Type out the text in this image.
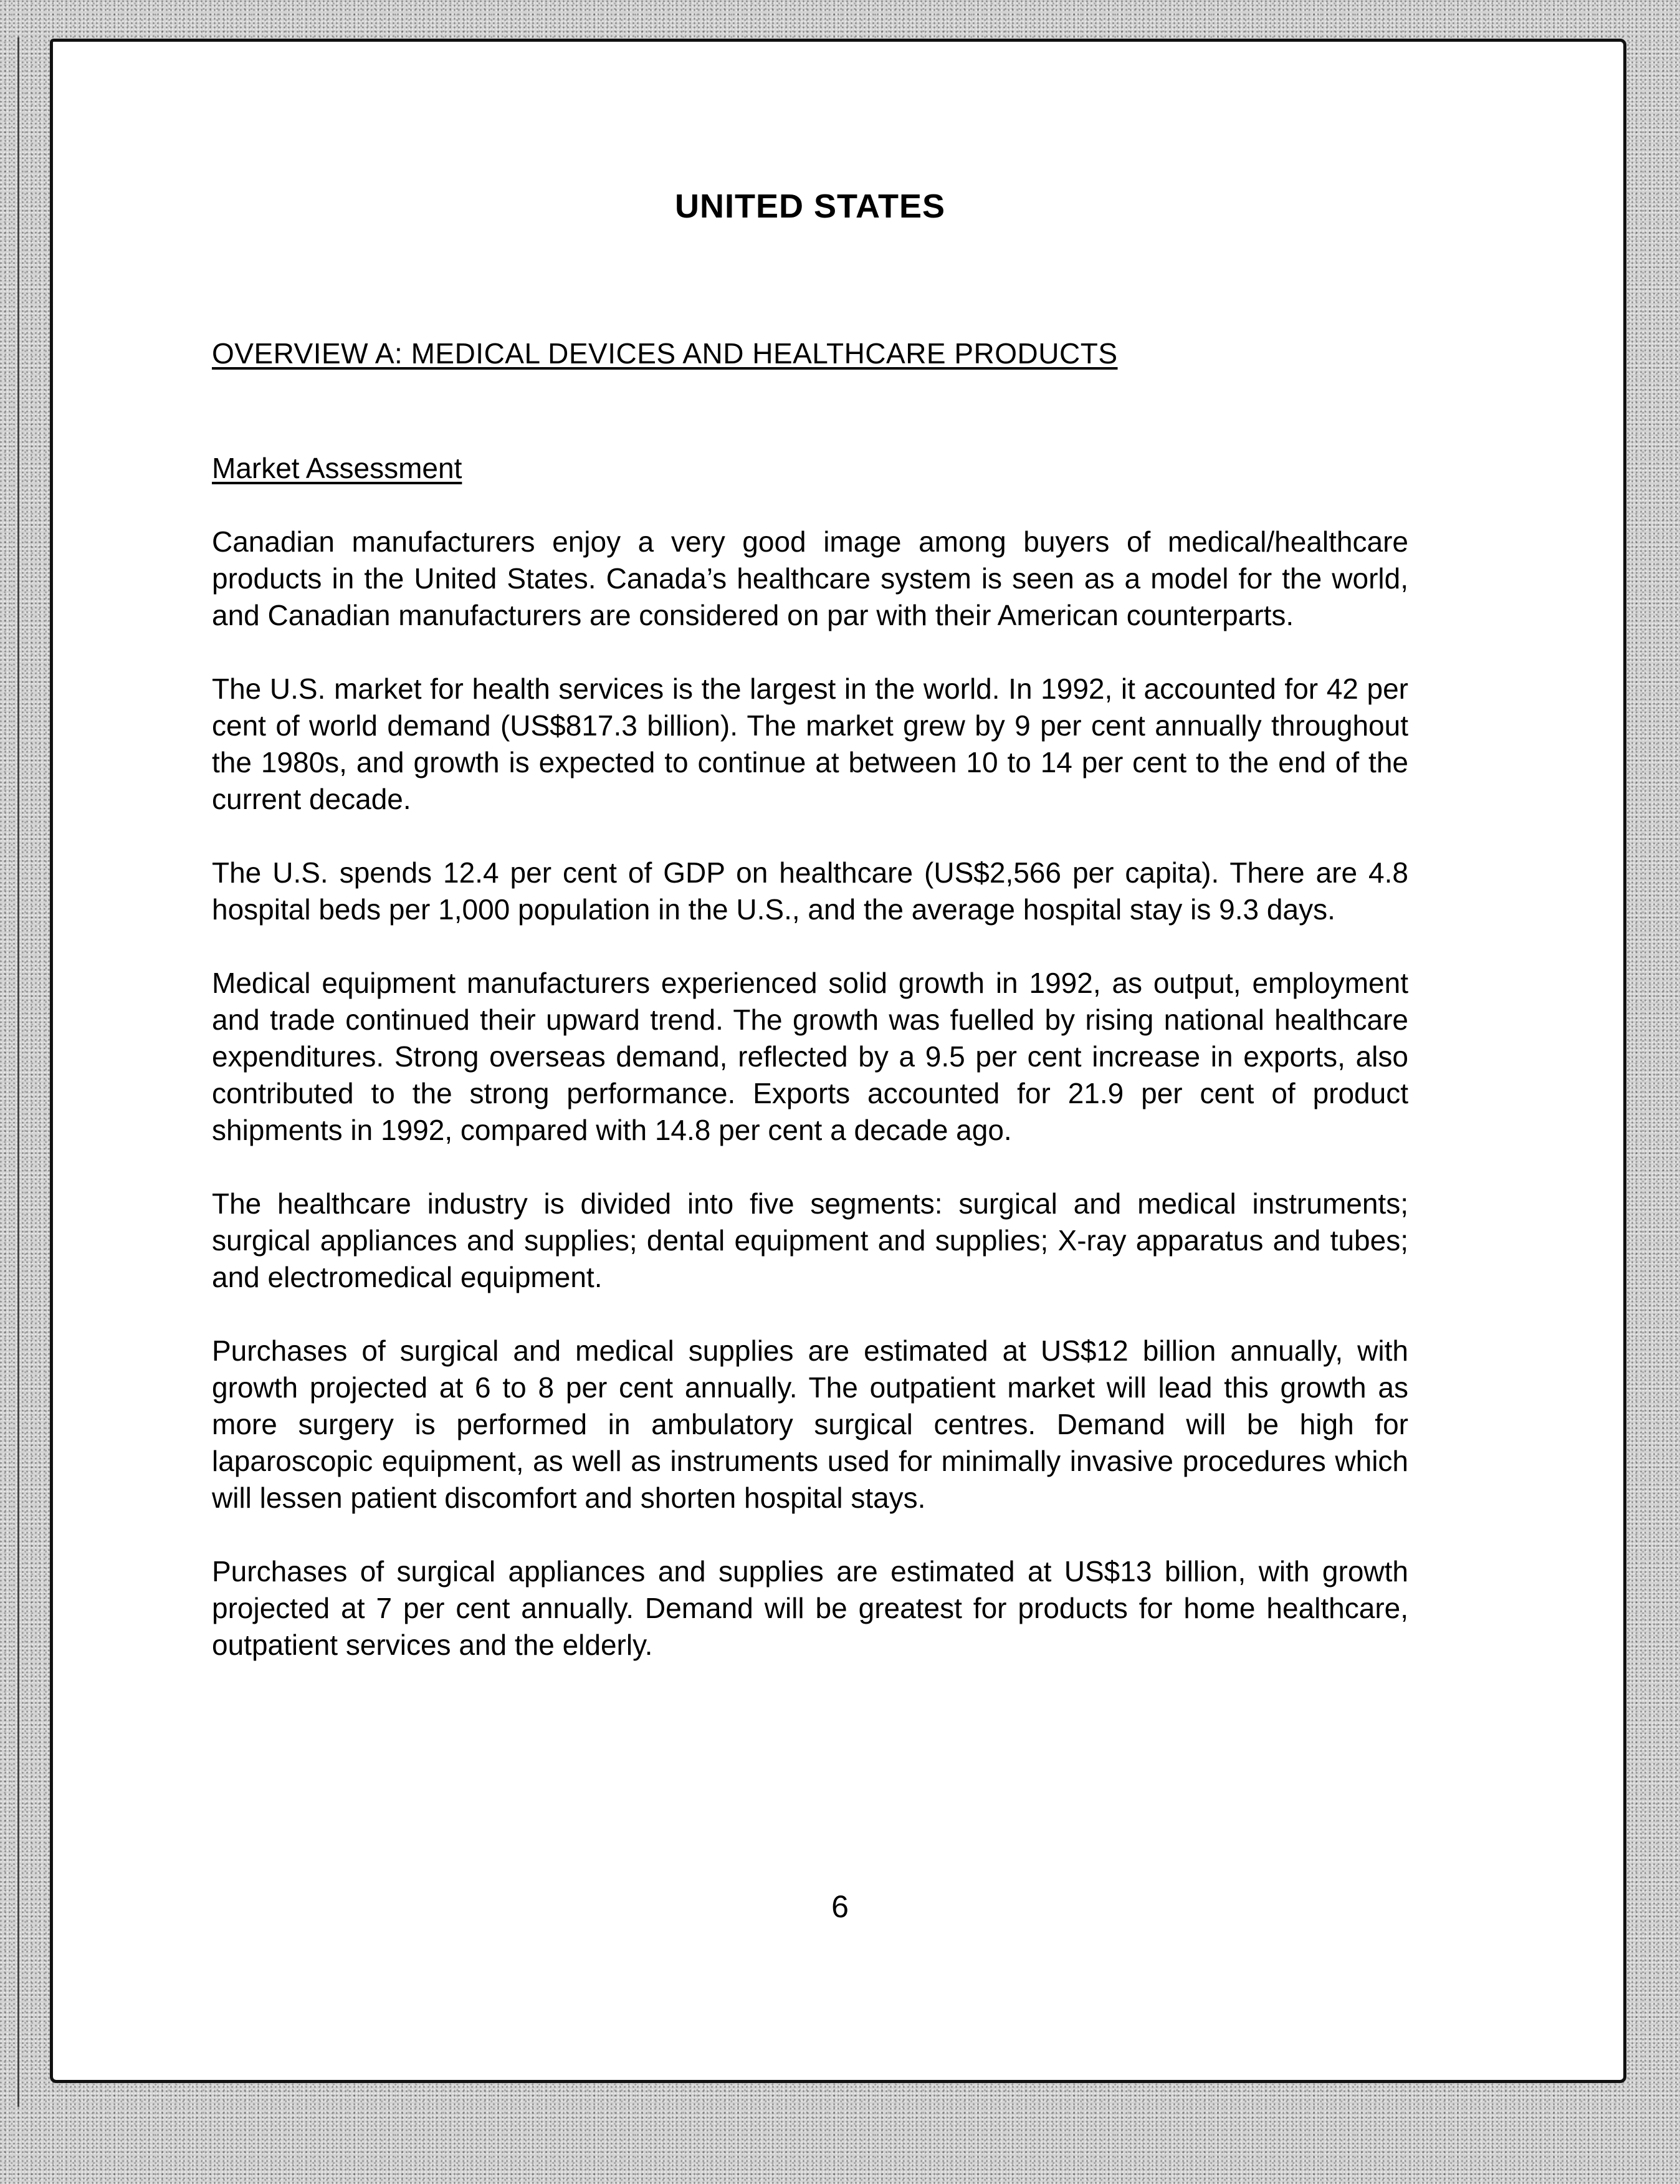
UNITED STATES
OVERVIEW A: MEDICAL DEVICES AND HEALTHCARE PRODUCTS
Market Assessment

Canadian manufacturers enjoy a very good image among buyers of medical/healthcare products in the United States. Canada’s healthcare system is seen as a model for the world, and Canadian manufacturers are considered on par with their American counterparts.

The U.S. market for health services is the largest in the world. In 1992, it accounted for 42 per cent of world demand (US$817.3 billion). The market grew by 9 per cent annually throughout the 1980s, and growth is expected to continue at between 10 to 14 per cent to the end of the current decade.

The U.S. spends 12.4 per cent of GDP on healthcare (US$2,566 per capita). There are 4.8 hospital beds per 1,000 population in the U.S., and the average hospital stay is 9.3 days.

Medical equipment manufacturers experienced solid growth in 1992, as output, employment and trade continued their upward trend. The growth was fuelled by rising national healthcare expenditures. Strong overseas demand, reflected by a 9.5 per cent increase in exports, also contributed to the strong performance. Exports accounted for 21.9 per cent of product shipments in 1992, compared with 14.8 per cent a decade ago.

The healthcare industry is divided into five segments: surgical and medical instruments; surgical appliances and supplies; dental equipment and supplies; X-ray apparatus and tubes; and electromedical equipment.

Purchases of surgical and medical supplies are estimated at US$12 billion annually, with growth projected at 6 to 8 per cent annually. The outpatient market will lead this growth as more surgery is performed in ambulatory surgical centres. Demand will be high for laparoscopic equipment, as well as instruments used for minimally invasive procedures which will lessen patient discomfort and shorten hospital stays.

Purchases of surgical appliances and supplies are estimated at US$13 billion, with growth projected at 7 per cent annually. Demand will be greatest for products for home healthcare, outpatient services and the elderly.

6
